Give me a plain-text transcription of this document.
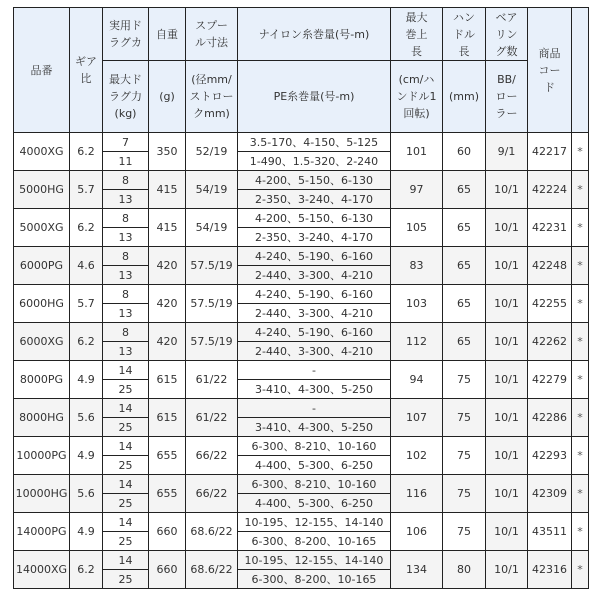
品番	ギア比	実用ドラグカ	自重	スプール寸法	ナイロン糸巻量(号-m)	最大巻上長	ハンドル長	ベアリング数	商品コード	

		最大ドラグ力(kg)	(g)	(径mm/ストロークmm)	PE糸巻量(号-m)	(cm/ハンドル1回転)	(mm)	BB/ローラー		

4000XG	6.2	7	350	52/19	3.5-170、4-150、5-125	101	60	9/1	42217	*
		11			1-490、1.5-320、2-240					
5000HG	5.7	8	415	54/19	4-200、5-150、6-130	97	65	10/1	42224	*
		13			2-350、3-240、4-170					
5000XG	6.2	8	415	54/19	4-200、5-150、6-130	105	65	10/1	42231	*
		13			2-350、3-240、4-170					
6000PG	4.6	8	420	57.5/19	4-240、5-190、6-160	83	65	10/1	42248	*
		13			2-440、3-300、4-210					
6000HG	5.7	8	420	57.5/19	4-240、5-190、6-160	103	65	10/1	42255	*
		13			2-440、3-300、4-210					
6000XG	6.2	8	420	57.5/19	4-240、5-190、6-160	112	65	10/1	42262	*
		13			2-440、3-300、4-210					
8000PG	4.9	14	615	61/22	-	94	75	10/1	42279	*
		25			3-410、4-300、5-250					
8000HG	5.6	14	615	61/22	-	107	75	10/1	42286	*
		25			3-410、4-300、5-250					
10000PG	4.9	14	655	66/22	6-300、8-210、10-160	102	75	10/1	42293	*
		25			4-400、5-300、6-250					
10000HG	5.6	14	655	66/22	6-300、8-210、10-160	116	75	10/1	42309	*
		25			4-400、5-300、6-250					
14000PG	4.9	14	660	68.6/22	10-195、12-155、14-140	106	75	10/1	43511	*
		25			6-300、8-200、10-165					
14000XG	6.2	14	660	68.6/22	10-195、12-155、14-140	134	80	10/1	42316	*
		25			6-300、8-200、10-165					
